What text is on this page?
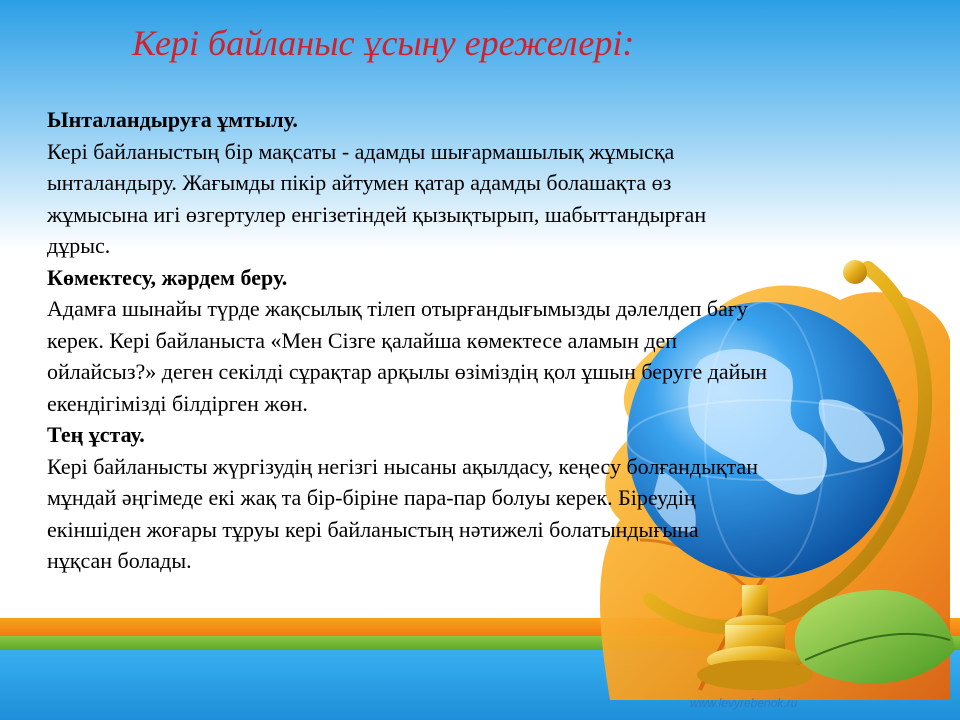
Кері байланыс ұсыну ережелері:

Ынталандыруға ұмтылу.

Кері байланыстың бір мақсаты - адамды шығармашылық жұмысқа

ынталандыру. Жағымды пікір айтумен қатар адамды болашақта өз

жұмысына игі өзгертулер енгізетіндей қызықтырып, шабыттандырған

дұрыс.

Көмектесу, жәрдем беру.

Адамға шынайы түрде жақсылық тілеп отырғандығымызды дәлелдеп бағу

керек. Кері байланыста «Мен Сізге қалайша көмектесе аламын деп

ойлайсыз?» деген секілді сұрақтар арқылы өзіміздің қол ұшын беруге дайын

екендігімізді білдірген жөн.

Тең ұстау.

Кері байланысты жүргізудің негізгі нысаны ақылдасу, кеңесу болғандықтан

мұндай әңгімеде екі жақ та бір-біріне пара-пар болуы керек. Біреудің

екіншіден жоғары тұруы кері байланыстың нәтижелі болатындығына

нұқсан болады.

www.levyrebenok.ru
